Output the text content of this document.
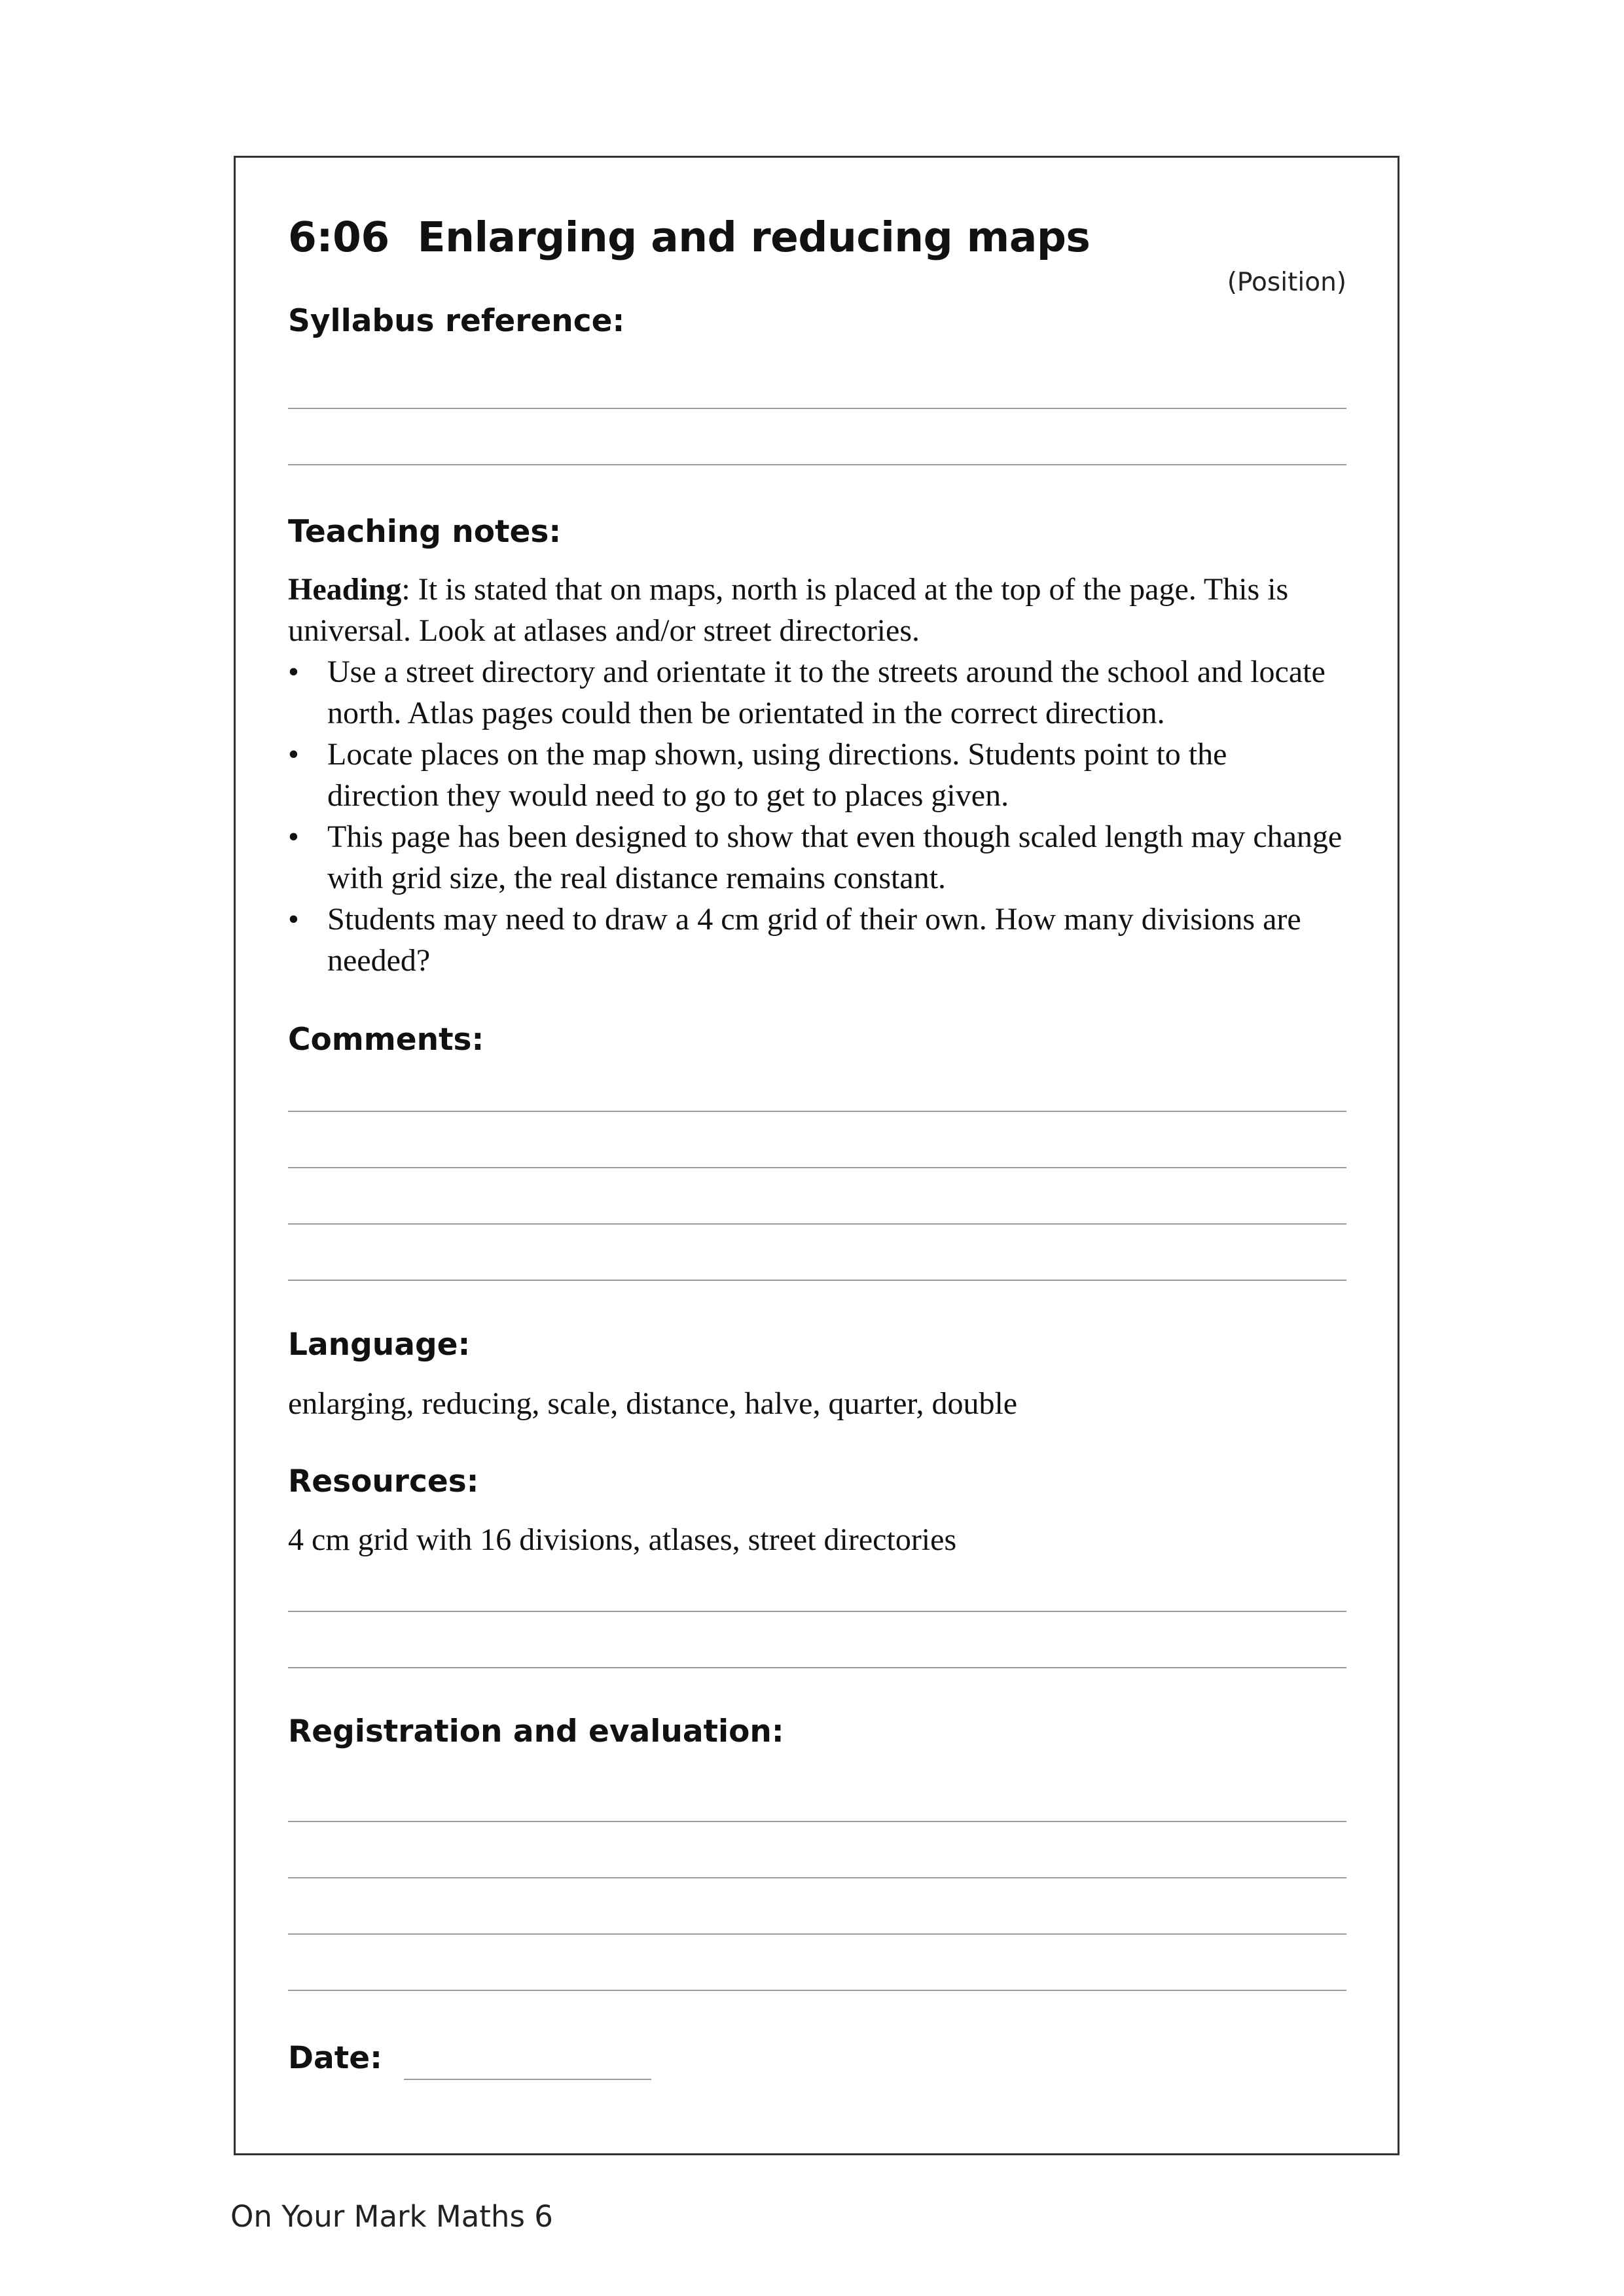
6:06 Enlarging and reducing maps
(Position)
Syllabus reference:
Teaching notes:
Heading: It is stated that on maps, north is placed at the top of the page. This is universal. Look at atlases and/or street directories.
• Use a street directory and orientate it to the streets around the school and locate north. Atlas pages could then be orientated in the correct direction.
• Locate places on the map shown, using directions. Students point to the direction they would need to go to get to places given.
• This page has been designed to show that even though scaled length may change with grid size, the real distance remains constant.
• Students may need to draw a 4 cm grid of their own. How many divisions are needed?
Comments:
Language:
enlarging, reducing, scale, distance, halve, quarter, double
Resources:
4 cm grid with 16 divisions, atlases, street directories
Registration and evaluation:
Date:
On Your Mark Maths 6
